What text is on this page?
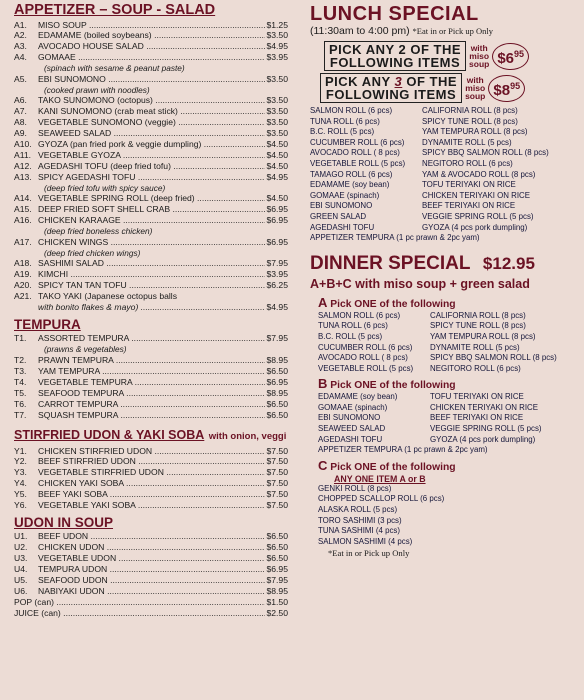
APPETIZER – SOUP - SALAD
A1.	MISO SOUP .....	$1.25
A2.	EDAMAME (boiled soybeans) .....	$3.50
A3.	AVOCADO HOUSE SALAD .....	$4.95
A4.	GOMAAE .....	$3.95
(spinach with sesame & peanut paste)
A5.	EBI SUNOMONO .....	$3.50
(cooked prawn with noodles)
A6.	TAKO SUNOMONO (octopus) .....	$3.50
A7.	KANI SUNOMONO (crab meat stick) .....	$3.50
A8.	VEGETABLE SUNOMONO (veggie) .....	$3.50
A9.	SEAWEED SALAD .....	$3.50
A10. GYOZA (pan fried pork & veggie dumpling) .....	$4.50
A11. VEGETABLE GYOZA .....	$4.50
A12. AGEDASHI TOFU (deep fried tofu) .....	$4.50
A13. SPICY AGEDASHI TOFU .....	$4.95
(deep fried tofu with spicy sauce)
A14. VEGETABLE SPRING ROLL (deep fried) .....	$4.50
A15. DEEP FRIED SOFT SHELL CRAB .....	$6.95
A16. CHICKEN KARAAGE .....	$6.95
(deep fried boneless chicken)
A17. CHICKEN WINGS .....	$6.95
(deep fried chicken wings)
A18. SASHIMI SALAD .....	$7.95
A19. KIMCHI .....	$3.95
A20. SPICY TAN TAN TOFU .....	$6.25
A21. TAKO YAKI (Japanese octopus balls
with bonito flakes & mayo) .....	$4.95
TEMPURA
T1.	ASSORTED TEMPURA .....	$7.95
(prawns & vegetables)
T2.	PRAWN TEMPURA .....	$8.95
T3.	YAM TEMPURA .....	$6.50
T4.	VEGETABLE TEMPURA .....	$6.95
T5.	SEAFOOD TEMPURA .....	$8.95
T6.	CARROT TEMPURA .....	$6.50
T7.	SQUASH TEMPURA .....	$6.50
STIRFRIED UDON & YAKI SOBA with onion, veggi
Y1.	CHICKEN STIRFRIED UDON .....	$7.50
Y2.	BEEF STIRFRIED UDON .....	$7.50
Y3.	VEGETABLE STIRFRIED UDON .....	$7.50
Y4.	CHICKEN YAKI SOBA .....	$7.50
Y5.	BEEF YAKI SOBA .....	$7.50
Y6.	VEGETABLE YAKI SOBA .....	$7.50
UDON IN SOUP
U1.	BEEF UDON .....	$6.50
U2.	CHICKEN UDON .....	$6.50
U3.	VEGETABLE UDON .....	$6.50
U4.	TEMPURA UDON .....	$6.95
U5.	SEAFOOD UDON .....	$7.95
U6.	NABIYAKI UDON .....	$8.95
POP (can) .....	$1.50
JUICE (can) .....	$2.50
LUNCH SPECIAL
(11:30am to 4:00 pm) *Eat in or Pick up Only
PICK ANY 2 OF THE
FOLLOWING ITEMS
with
miso
soup $\$6^{95}$
PICK ANY 3 OF THE
FOLLOWING ITEMS
with
miso
soup $\$8^{95}$
SALMON ROLL (6 pcs)	CALIFORNIA ROLL (8 pcs)
TUNA ROLL (6 pcs)	SPICY TUNE ROLL (8 pcs)
B.C. ROLL (5 pcs)	YAM TEMPURA ROLL (8 pcs)
CUCUMBER ROLL (6 pcs)	DYNAMITE ROLL (5 pcs)
AVOCADO ROLL ( 8 pcs)	SPICY BBQ SALMON ROLL (8 pcs)
VEGETABLE ROLL (5 pcs)	NEGITORO ROLL (6 pcs)
TAMAGO ROLL (6 pcs)	YAM & AVOCADO ROLL (8 pcs)
EDAMAME (soy bean)	TOFU TERIYAKI ON RICE
GOMAAE (spinach)	CHICKEN TERIYAKI ON RICE
EBI SUNOMONO	BEEF TERIYAKI ON RICE
GREEN SALAD	VEGGIE SPRING ROLL (5 pcs)
AGEDASHI TOFU	GYOZA (4 pcs pork dumpling)
APPETIZER TEMPURA (1 pc prawn & 2pc yam)
DINNER SPECIAL $12.95
A+B+C with miso soup + green salad
A Pick ONE of the following
SALMON ROLL (6 pcs)	CALIFORNIA ROLL (8 pcs)
TUNA ROLL (6 pcs)	SPICY TUNE ROLL (8 pcs)
B.C. ROLL (5 pcs)	YAM TEMPURA ROLL (8 pcs)
CUCUMBER ROLL (6 pcs)	DYNAMITE ROLL (5 pcs)
AVOCADO ROLL ( 8 pcs)	SPICY BBQ SALMON ROLL (8 pcs)
VEGETABLE ROLL (5 pcs)	NEGITORO ROLL (6 pcs)
B Pick ONE of the following
EDAMAME (soy bean)	TOFU TERIYAKI ON RICE
GOMAAE (spinach)	CHICKEN TERIYAKI ON RICE
EBI SUNOMONO	BEEF TERIYAKI ON RICE
SEAWEED SALAD	VEGGIE SPRING ROLL (5 pcs)
AGEDASHI TOFU	GYOZA (4 pcs pork dumpling)
APPETIZER TEMPURA (1 pc prawn & 2pc yam)
C Pick ONE of the following
ANY ONE ITEM A or B
GENKI ROLL (8 pcs)
CHOPPED SCALLOP ROLL (6 pcs)
ALASKA ROLL (5 pcs)
TORO SASHIMI (3 pcs)
TUNA SASHIMI (4 pcs)
SALMON SASHIMI (4 pcs)
*Eat in or Pick up Only
